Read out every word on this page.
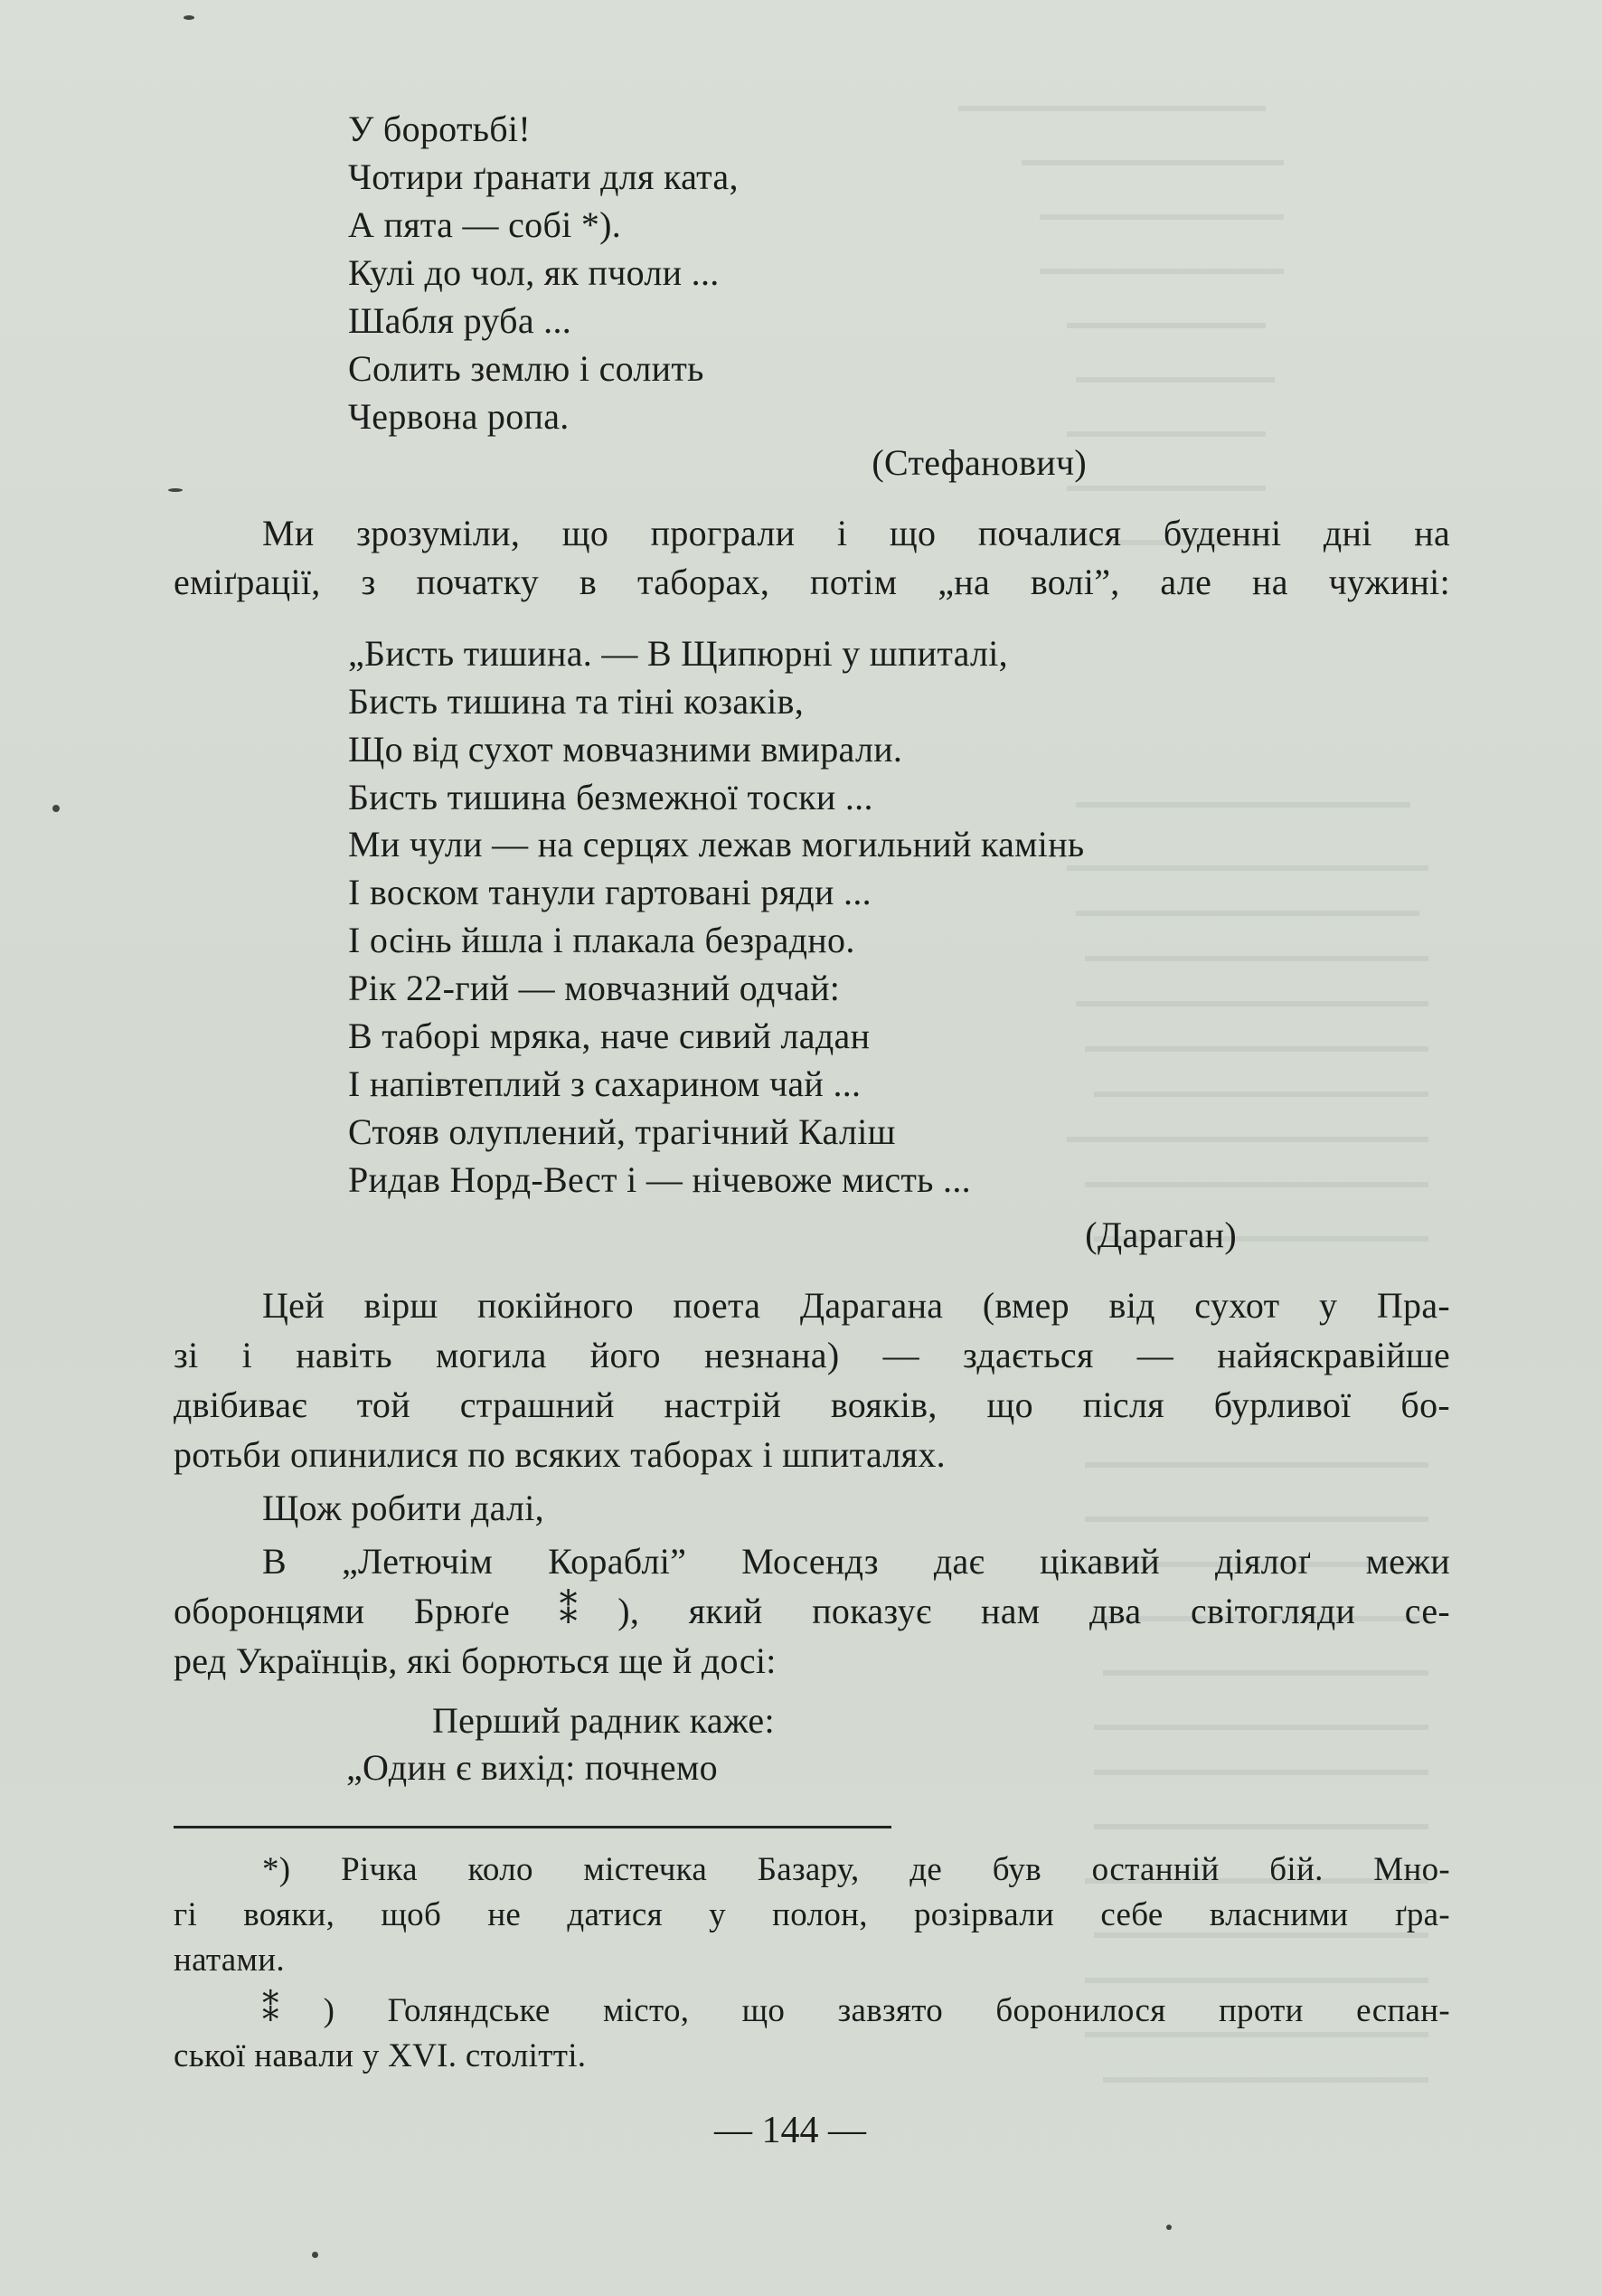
У боротьбі!
Чотири ґранати для ката,
А пята — собі *).
Кулі до чол, як пчоли ...
Шабля руба ...
Солить землю і солить
Червона ропа.
(Стефанович)
Ми зрозуміли, що програли і що почалися буденні дні на
еміґрації, з початку в таборах, потім „на волі”, але на чужині:
„Бисть тишина. — В Щипюрні у шпиталі,
Бисть тишина та тіні козаків,
Що від сухот мовчазними вмирали.
Бисть тишина безмежної тоски ...
Ми чули — на серцях лежав могильний камінь
І воском танули гартовані ряди ...
І осінь йшла і плакала безрадно.
Рік 22-гий — мовчазний одчай:
В таборі мряка, наче сивий ладан
І напівтеплий з сахарином чай ...
Стояв олуплений, трагічний Каліш
Ридав Норд-Вест і — нічевоже мисть ...
(Дараган)
Цей вірш покійного поета Дарагана (вмер від сухот у Пра-
зі і навіть могила його незнана) — здається — найяскравійше
двібиває той страшний настрій вояків, що після бурливої бо-
ротьби опинилися по всяких таборах і шпиталях.
Щож робити далі,
В „Летючім Кораблі” Мосендз дає цікавий діялоґ межи
оборонцями Брюґе ⁑), який показує нам два світогляди се-
ред Українців, які борються ще й досі:
Перший радник каже:
„Один є вихід: почнемо
*) Річка коло містечка Базару, де був останній бій. Мно-
гі вояки, щоб не датися у полон, розірвали себе власними ґра-
натами.
⁑) Голяндське місто, що завзято боронилося проти еспан-
ської навали у XVI. столітті.
— 144 —
